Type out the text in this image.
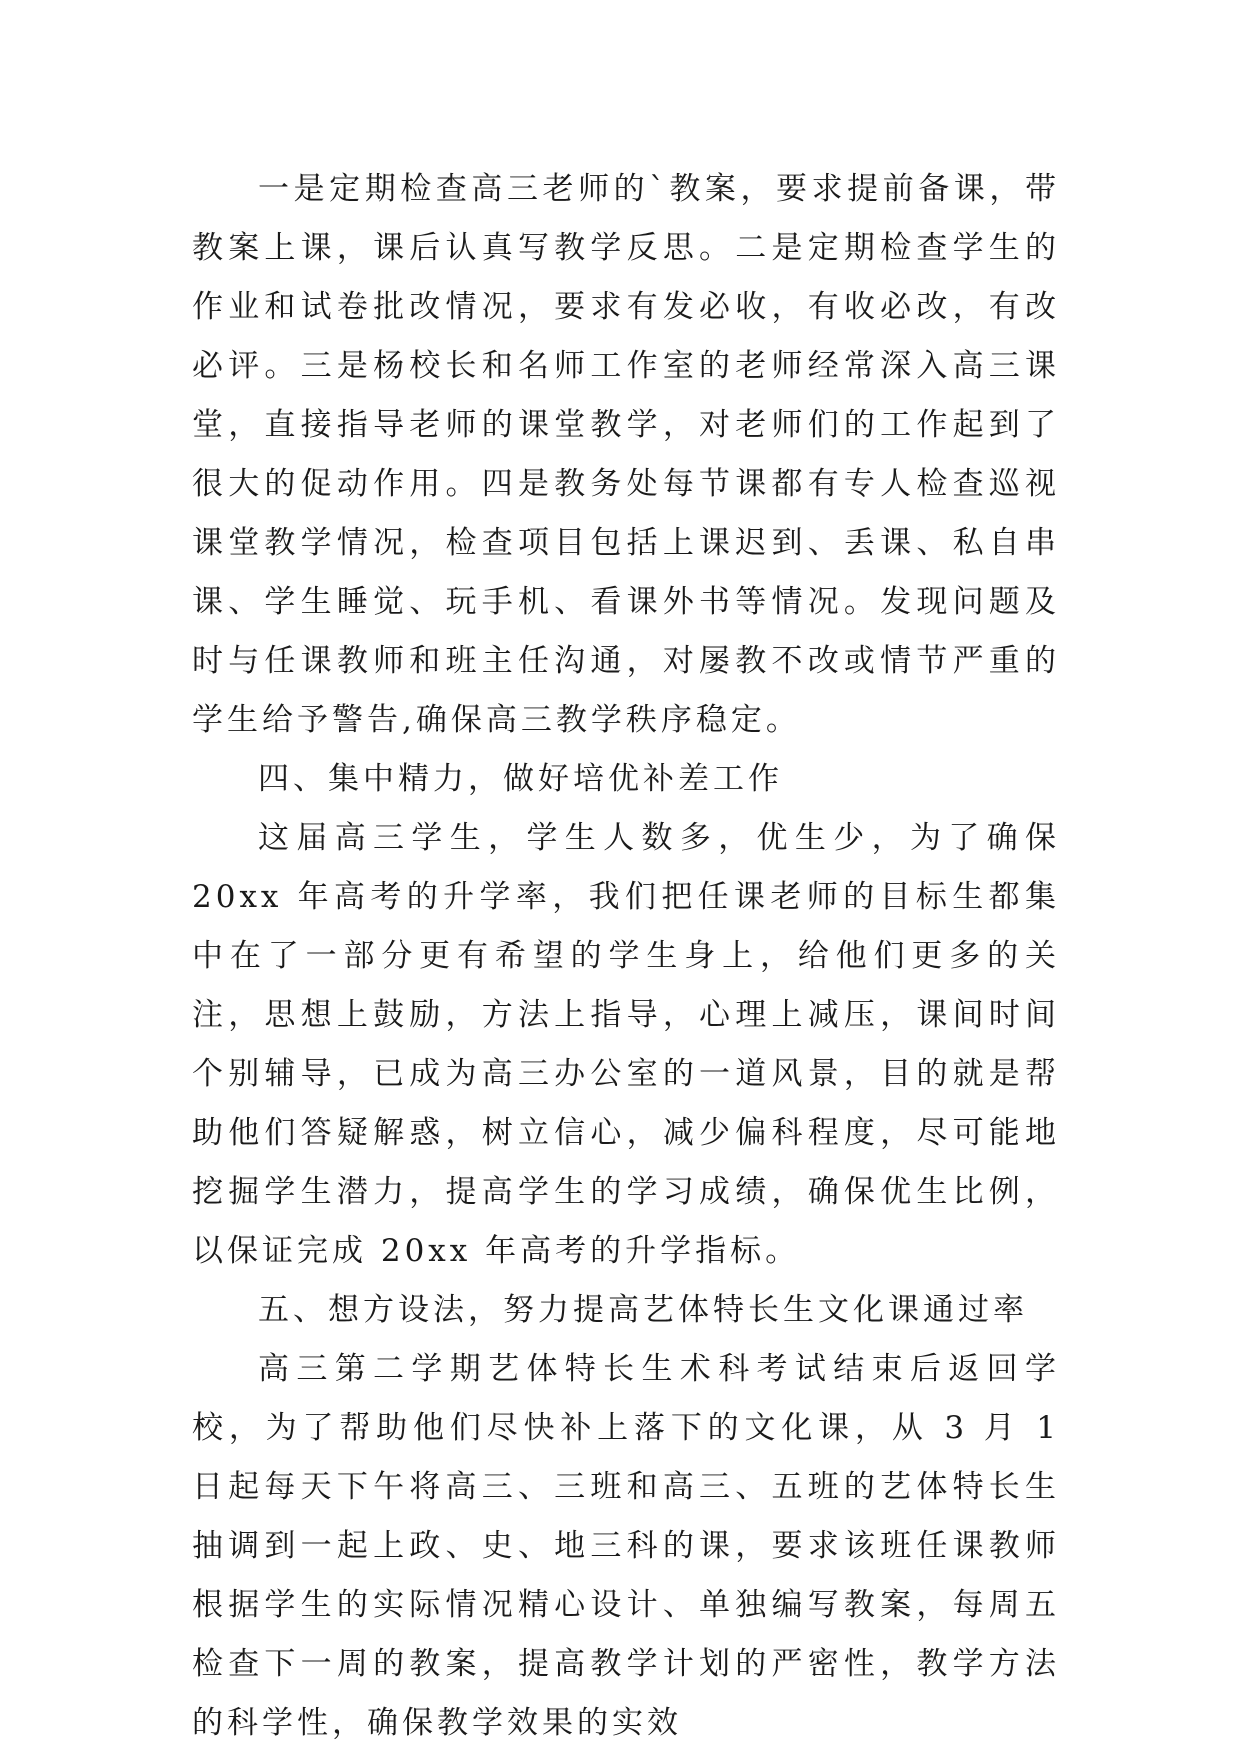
一是定期检查高三老师的`教案，要求提前备课，带教案上课，课后认真写教学反思。二是定期检查学生的作业和试卷批改情况，要求有发必收，有收必改，有改必评。三是杨校长和名师工作室的老师经常深入高三课堂，直接指导老师的课堂教学，对老师们的工作起到了很大的促动作用。四是教务处每节课都有专人检查巡视课堂教学情况，检查项目包括上课迟到、丢课、私自串课、学生睡觉、玩手机、看课外书等情况。发现问题及时与任课教师和班主任沟通，对屡教不改或情节严重的学生给予警告,确保高三教学秩序稳定。

四、集中精力，做好培优补差工作

这届高三学生，学生人数多，优生少，为了确保 20xx 年高考的升学率，我们把任课老师的目标生都集中在了一部分更有希望的学生身上，给他们更多的关注，思想上鼓励，方法上指导，心理上减压，课间时间个别辅导，已成为高三办公室的一道风景，目的就是帮助他们答疑解惑，树立信心，减少偏科程度，尽可能地挖掘学生潜力，提高学生的学习成绩，确保优生比例，以保证完成 20xx 年高考的升学指标。

五、想方设法，努力提高艺体特长生文化课通过率

高三第二学期艺体特长生术科考试结束后返回学校，为了帮助他们尽快补上落下的文化课，从 3 月 1 日起每天下午将高三、三班和高三、五班的艺体特长生抽调到一起上政、史、地三科的课，要求该班任课教师根据学生的实际情况精心设计、单独编写教案，每周五检查下一周的教案，提高教学计划的严密性，教学方法的科学性，确保教学效果的实效
